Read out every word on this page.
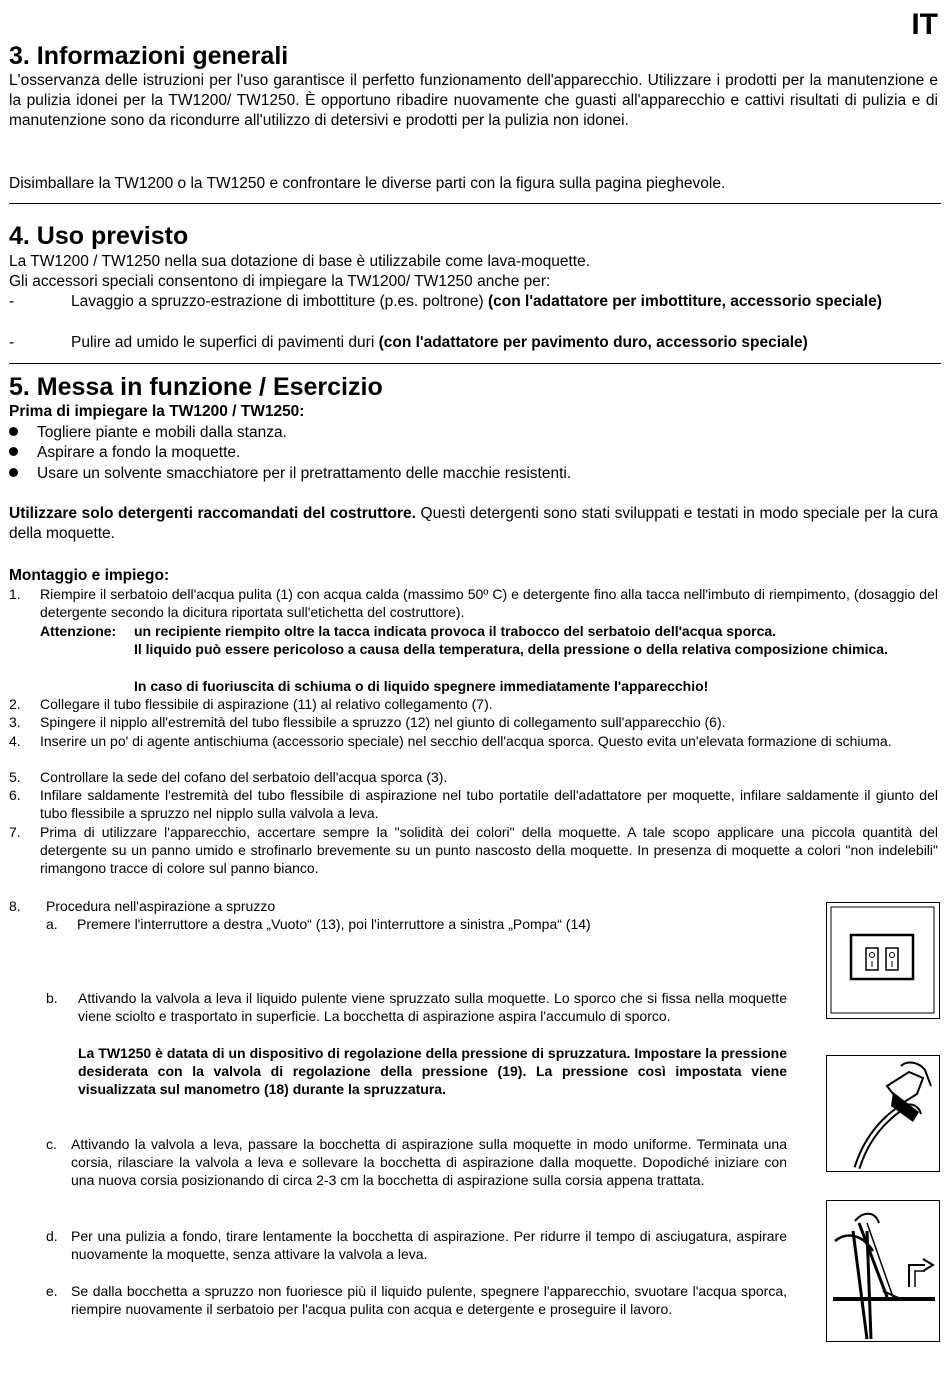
IT
3. Informazioni generali
L'osservanza delle istruzioni per l'uso garantisce il perfetto funzionamento dell'apparecchio. Utilizzare i prodotti per la manutenzione e la pulizia idonei per la TW1200/ TW1250. È opportuno ribadire nuovamente che guasti all'apparecchio e cattivi risultati di pulizia e di manutenzione sono da ricondurre all'utilizzo di detersivi e prodotti per la pulizia non idonei.
Disimballare la TW1200 o la TW1250 e confrontare le diverse parti con la figura sulla pagina pieghevole.
4. Uso previsto
La TW1200 / TW1250 nella sua dotazione di base è utilizzabile come lava-moquette.
Gli accessori speciali consentono di impiegare la TW1200/ TW1250 anche per:
-	Lavaggio a spruzzo-estrazione di imbottiture (p.es. poltrone) (con l'adattatore per imbottiture, accessorio speciale)
-	Pulire ad umido le superfici di pavimenti duri (con l'adattatore per pavimento duro, accessorio speciale)
5. Messa in funzione / Esercizio
Prima di impiegare la TW1200 / TW1250:
Togliere piante e mobili dalla stanza.
Aspirare a fondo la moquette.
Usare un solvente smacchiatore per il pretrattamento delle macchie resistenti.
Utilizzare solo detergenti raccomandati del costruttore. Questi detergenti sono stati sviluppati e testati in modo speciale per la cura della moquette.
Montaggio e impiego:
1. Riempire il serbatoio dell'acqua pulita (1) con acqua calda (massimo 50º C) e detergente fino alla tacca nell'imbuto di riempimento, (dosaggio del detergente secondo la dicitura riportata sull'etichetta del costruttore).
Attenzione: un recipiente riempito oltre la tacca indicata provoca il trabocco del serbatoio dell'acqua sporca.
Il liquido può essere pericoloso a causa della temperatura, della pressione o della relativa composizione chimica.
In caso di fuoriuscita di schiuma o di liquido spegnere immediatamente l'apparecchio!
2. Collegare il tubo flessibile di aspirazione (11) al relativo collegamento (7).
3. Spingere il nipplo all'estremità del tubo flessibile a spruzzo (12) nel giunto di collegamento sull'apparecchio (6).
4. Inserire un po' di agente antischiuma (accessorio speciale) nel secchio dell'acqua sporca. Questo evita un'elevata formazione di schiuma.
5. Controllare la sede del cofano del serbatoio dell'acqua sporca (3).
6. Infilare saldamente l'estremità del tubo flessibile di aspirazione nel tubo portatile dell'adattatore per moquette, infilare saldamente il giunto del tubo flessibile a spruzzo nel nipplo sulla valvola a leva.
7. Prima di utilizzare l'apparecchio, accertare sempre la "solidità dei colori" della moquette. A tale scopo applicare una piccola quantità del detergente su un panno umido e strofinarlo brevemente su un punto nascosto della moquette. In presenza di moquette a colori "non indelebili" rimangono tracce di colore sul panno bianco.
8. Procedura nell'aspirazione a spruzzo
a. Premere l'interruttore a destra „Vuoto“ (13), poi l'interruttore a sinistra „Pompa“ (14)
b. Attivando la valvola a leva il liquido pulente viene spruzzato sulla moquette. Lo sporco che si fissa nella moquette viene sciolto e trasportato in superficie. La bocchetta di aspirazione aspira l'accumulo di sporco.
La TW1250 è datata di un dispositivo di regolazione della pressione di spruzzatura. Impostare la pressione desiderata con la valvola di regolazione della pressione (19). La pressione così impostata viene visualizzata sul manometro (18) durante la spruzzatura.
c. Attivando la valvola a leva, passare la bocchetta di aspirazione sulla moquette in modo uniforme. Terminata una corsia, rilasciare la valvola a leva e sollevare la bocchetta di aspirazione dalla moquette. Dopodiché iniziare con una nuova corsia posizionando di circa 2-3 cm la bocchetta di aspirazione sulla corsia appena trattata.
d. Per una pulizia a fondo, tirare lentamente la bocchetta di aspirazione. Per ridurre il tempo di asciugatura, aspirare nuovamente la moquette, senza attivare la valvola a leva.
e. Se dalla bocchetta a spruzzo non fuoriesce più il liquido pulente, spegnere l'apparecchio, svuotare l'acqua sporca, riempire nuovamente il serbatoio per l'acqua pulita con acqua e detergente e proseguire il lavoro.
